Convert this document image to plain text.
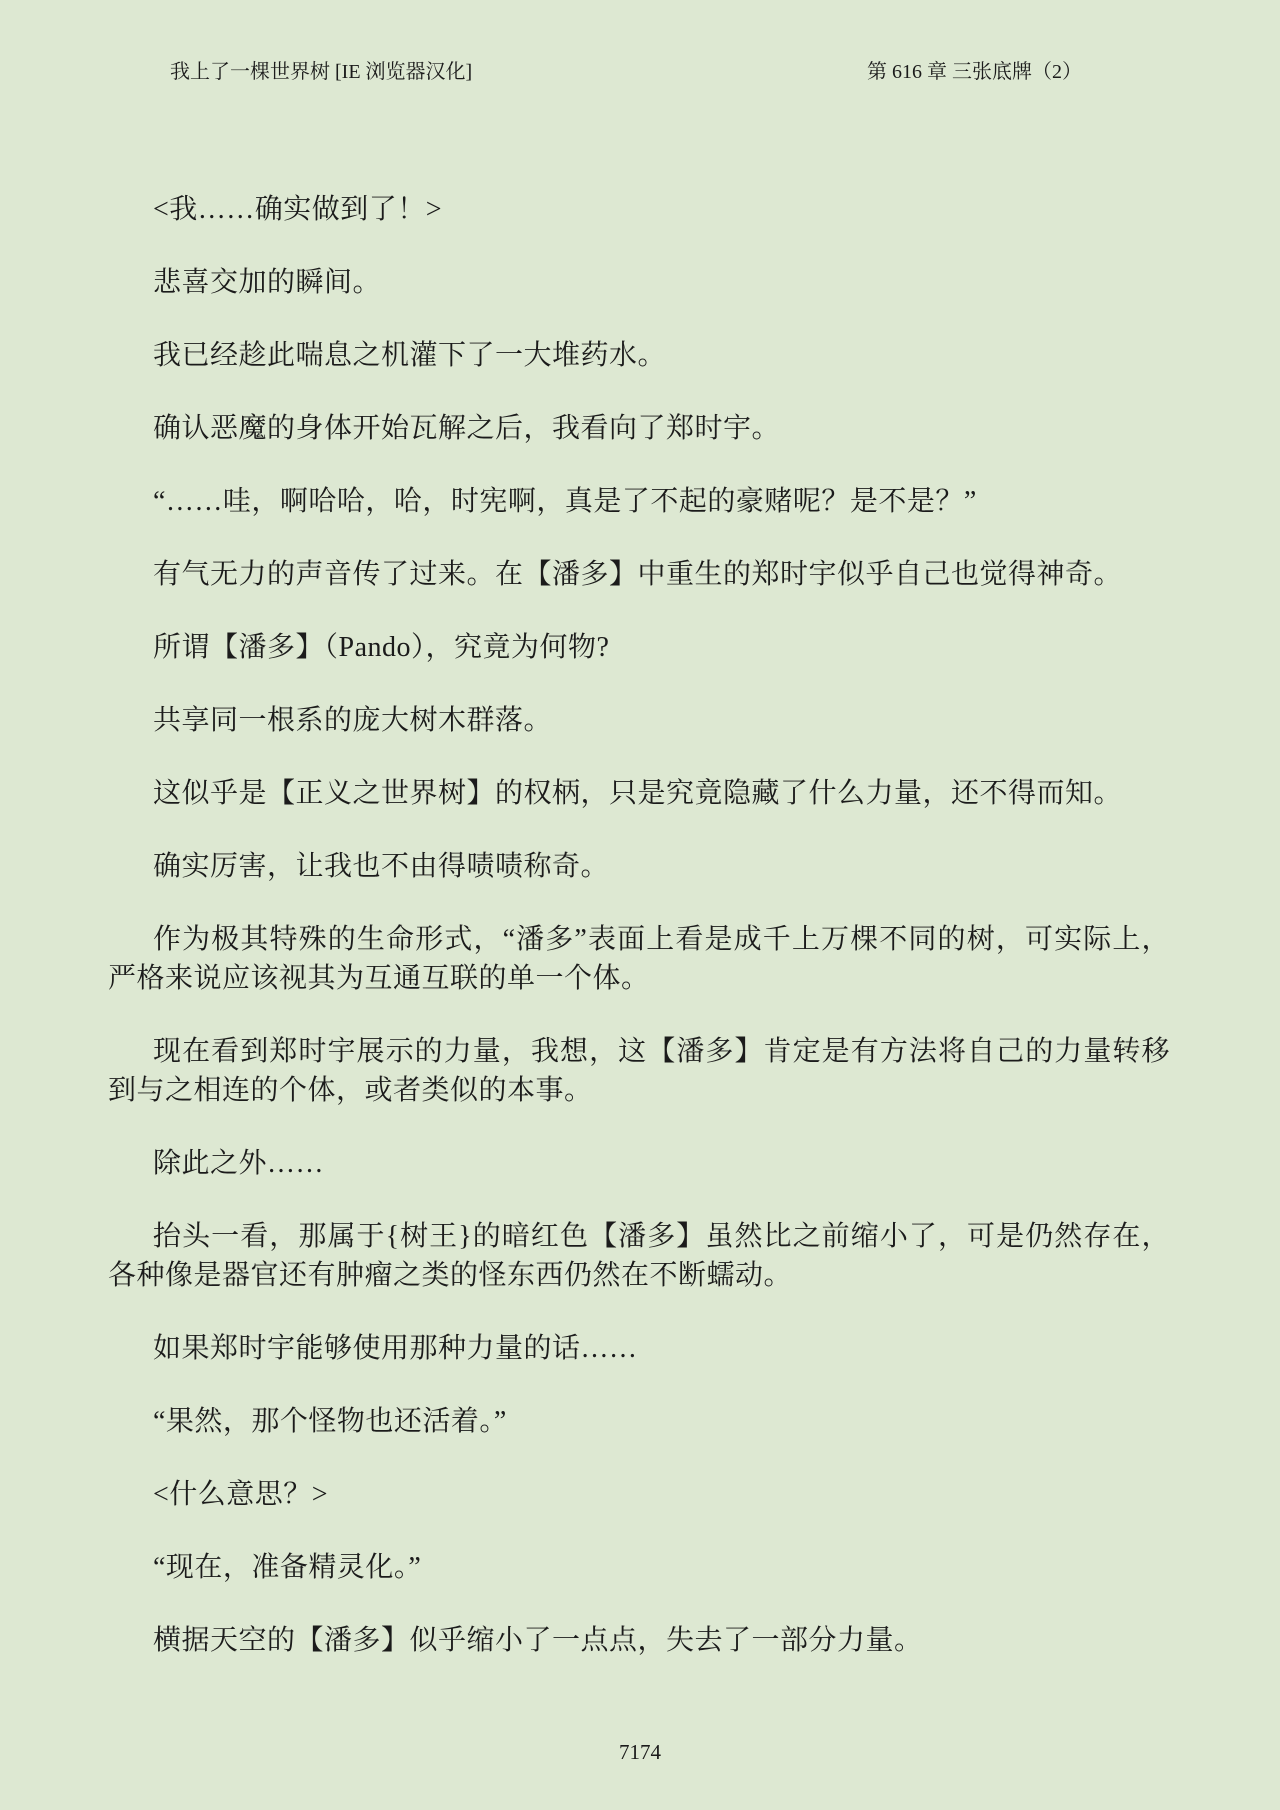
我上了一棵世界树 [IE 浏览器汉化]	第 616 章 三张底牌（2）

<我……确实做到了！>

悲喜交加的瞬间。

我已经趁此喘息之机灌下了一大堆药水。

确认恶魔的身体开始瓦解之后，我看向了郑时宇。

“……哇，啊哈哈，哈，时宪啊，真是了不起的豪赌呢？是不是？”

有气无力的声音传了过来。在【潘多】中重生的郑时宇似乎自己也觉得神奇。

所谓【潘多】（Pando），究竟为何物?

共享同一根系的庞大树木群落。

这似乎是【正义之世界树】的权柄，只是究竟隐藏了什么力量，还不得而知。

确实厉害，让我也不由得啧啧称奇。

作为极其特殊的生命形式，“潘多”表面上看是成千上万棵不同的树，可实际上，严格来说应该视其为互通互联的单一个体。

现在看到郑时宇展示的力量，我想，这【潘多】肯定是有方法将自己的力量转移到与之相连的个体，或者类似的本事。

除此之外……

抬头一看，那属于{树王}的暗红色【潘多】虽然比之前缩小了，可是仍然存在，各种像是器官还有肿瘤之类的怪东西仍然在不断蠕动。

如果郑时宇能够使用那种力量的话……

“果然，那个怪物也还活着。”

<什么意思？>

“现在，准备精灵化。”

横据天空的【潘多】似乎缩小了一点点，失去了一部分力量。

7174
